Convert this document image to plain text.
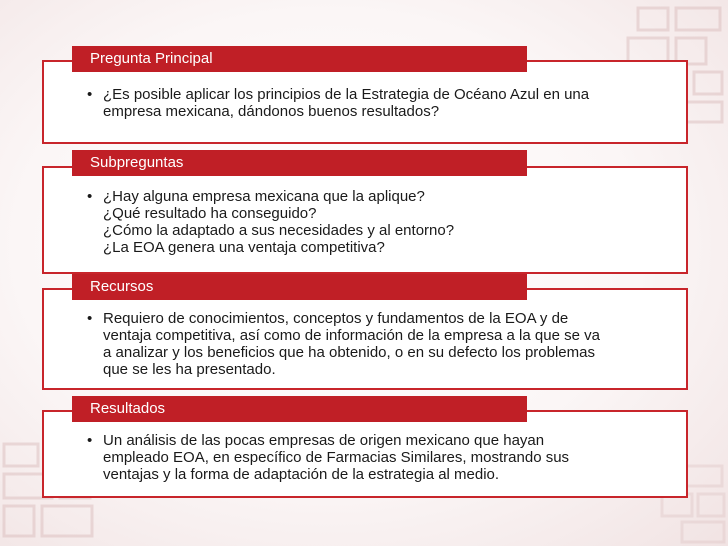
Pregunta Principal
• ¿Es posible aplicar los principios de la Estrategia de Océano Azul en una
empresa mexicana, dándonos buenos resultados?
Subpreguntas
• ¿Hay alguna empresa mexicana que la aplique?
¿Qué resultado ha conseguido?
¿Cómo la adaptado a sus necesidades y al entorno?
¿La EOA genera una ventaja competitiva?
Recursos
• Requiero de conocimientos, conceptos y fundamentos de la EOA y de
ventaja competitiva, así como de información de la empresa a la que se va
a analizar y los beneficios que ha obtenido, o en su defecto los problemas
que se les ha presentado.
Resultados
• Un análisis de las pocas empresas de origen mexicano que hayan
empleado EOA, en específico de Farmacias Similares, mostrando sus
ventajas y la forma de adaptación de la estrategia al medio.
